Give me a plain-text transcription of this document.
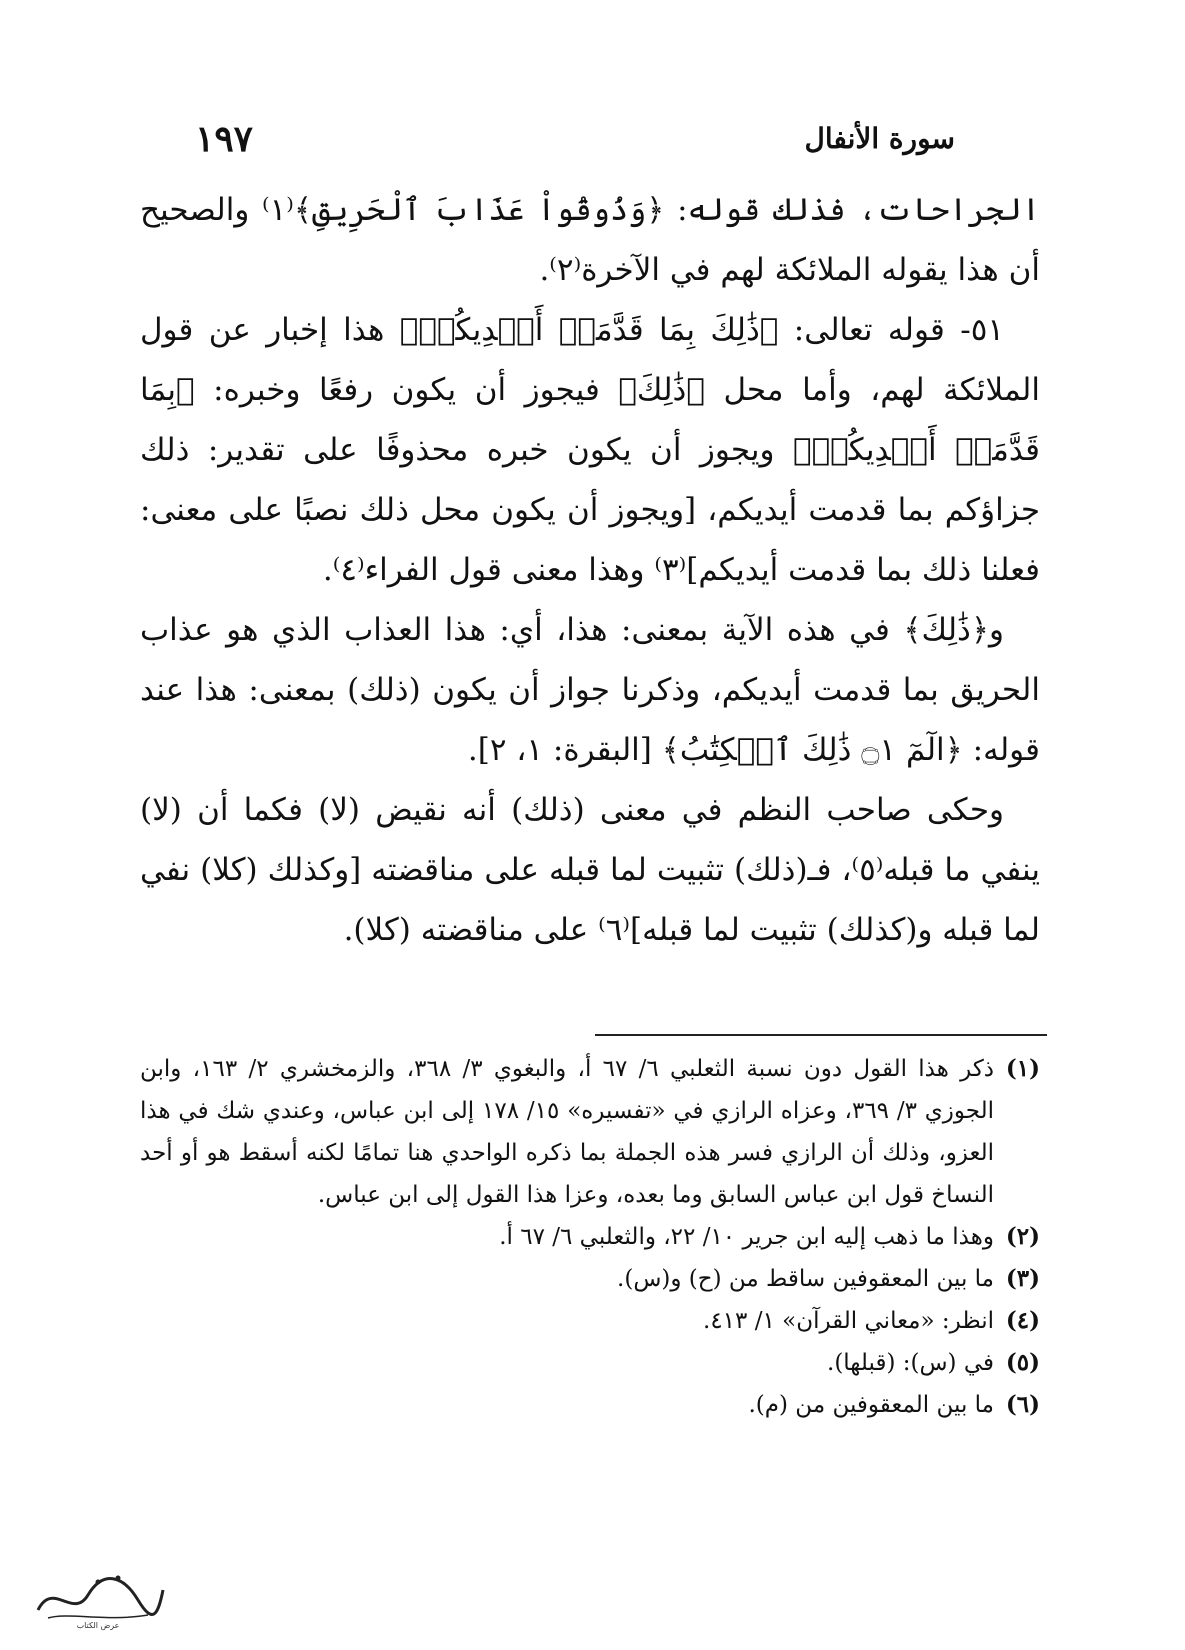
سورة الأنفال
١٩٧

الجراحات، فذلك قوله: ﴿وَذُوقُواْ عَذَابَ ٱلْحَرِيقِ﴾⁽١⁾ والصحيح أن هذا يقوله الملائكة لهم في الآخرة⁽٢⁾.

٥١- قوله تعالى: ﴿ذَٰلِكَ بِمَا قَدَّمَتۡ أَيۡدِيكُمۡ﴾ هذا إخبار عن قول الملائكة لهم، وأما محل ﴿ذَٰلِكَ﴾ فيجوز أن يكون رفعًا وخبره: ﴿بِمَا قَدَّمَتۡ أَيۡدِيكُمۡ﴾ ويجوز أن يكون خبره محذوفًا على تقدير: ذلك جزاؤكم بما قدمت أيديكم، [ويجوز أن يكون محل ذلك نصبًا على معنى: فعلنا ذلك بما قدمت أيديكم]⁽٣⁾ وهذا معنى قول الفراء⁽٤⁾.

و﴿ذَٰلِكَ﴾ في هذه الآية بمعنى: هذا، أي: هذا العذاب الذي هو عذاب الحريق بما قدمت أيديكم، وذكرنا جواز أن يكون (ذلك) بمعنى: هذا عند قوله: ﴿الٓمٓ ۝١ ذَٰلِكَ ٱلۡكِتَٰبُ﴾ [البقرة: ١، ٢].

وحكى صاحب النظم في معنى (ذلك) أنه نقيض (لا) فكما أن (لا) ينفي ما قبله⁽٥⁾، فـ(ذلك) تثبيت لما قبله على مناقضته [وكذلك (كلا) نفي لما قبله و(كذلك) تثبيت لما قبله]⁽٦⁾ على مناقضته (كلا).

(١)
ذكر هذا القول دون نسبة الثعلبي ٦/ ٦٧ أ، والبغوي ٣/ ٣٦٨، والزمخشري ٢/ ١٦٣، وابن الجوزي ٣/ ٣٦٩، وعزاه الرازي في «تفسيره» ١٥/ ١٧٨ إلى ابن عباس، وعندي شك في هذا العزو، وذلك أن الرازي فسر هذه الجملة بما ذكره الواحدي هنا تمامًا لكنه أسقط هو أو أحد النساخ قول ابن عباس السابق وما بعده، وعزا هذا القول إلى ابن عباس.
(٢)
وهذا ما ذهب إليه ابن جرير ١٠/ ٢٢، والثعلبي ٦/ ٦٧ أ.
(٣)
ما بين المعقوفين ساقط من (ح) و(س).
(٤)
انظر: «معاني القرآن» ١/ ٤١٣.
(٥)
في (س): (قبلها).
(٦)
ما بين المعقوفين من (م).
عرض الكتاب
